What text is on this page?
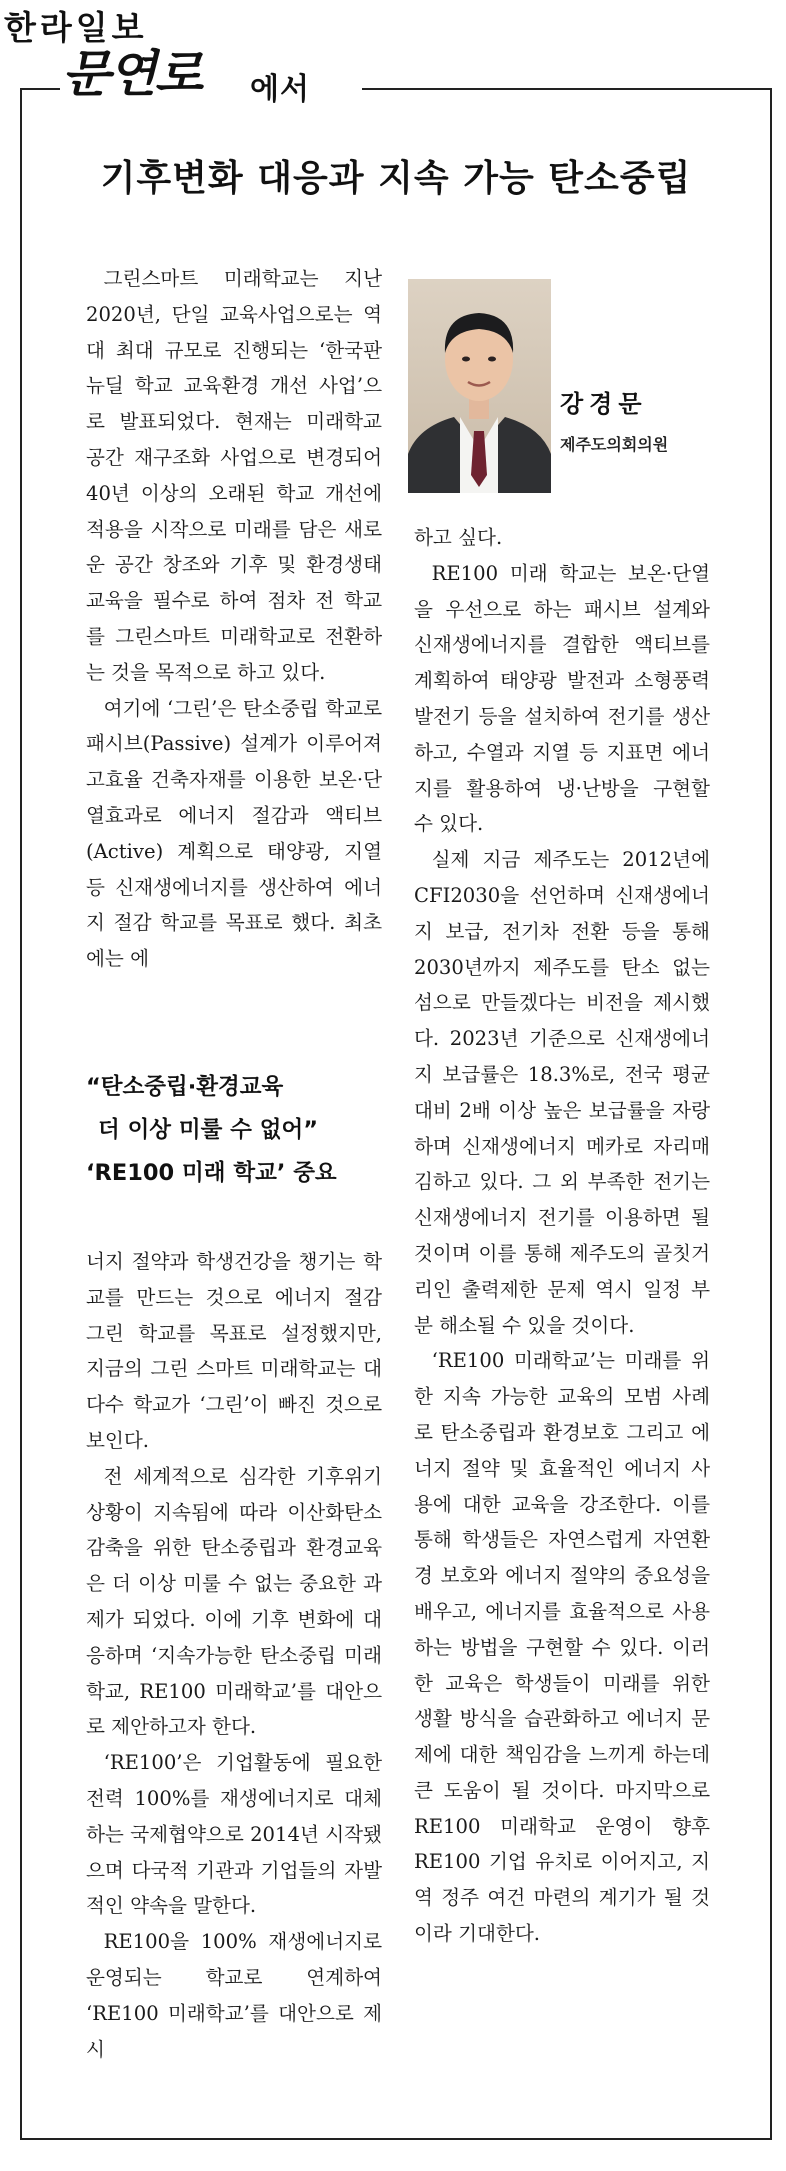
한라일보
문연로 에서
기후변화 대응과 지속 가능 탄소중립

그린스마트 미래학교는 지난 2020년, 단일 교육사업으로는 역대 최대 규모로 진행되는 ‘한국판 뉴딜 학교 교육환경 개선 사업’으로 발표되었다. 현재는 미래학교 공간 재구조화 사업으로 변경되어 40년 이상의 오래된 학교 개선에 적용을 시작으로 미래를 담은 새로운 공간 창조와 기후 및 환경생태 교육을 필수로 하여 점차 전 학교를 그린스마트 미래학교로 전환하는 것을 목적으로 하고 있다.

여기에 ‘그린’은 탄소중립 학교로 패시브(Passive) 설계가 이루어져 고효율 건축자재를 이용한 보온·단열효과로 에너지 절감과 액티브(Active) 계획으로 태양광, 지열 등 신재생에너지를 생산하여 에너지 절감 학교를 목표로 했다. 최초에는 에

“탄소중립·환경교육
더 이상 미룰 수 없어”
‘RE100 미래 학교’ 중요

너지 절약과 학생건강을 챙기는 학교를 만드는 것으로 에너지 절감 그린 학교를 목표로 설정했지만, 지금의 그린 스마트 미래학교는 대다수 학교가 ‘그린’이 빠진 것으로 보인다.

전 세계적으로 심각한 기후위기 상황이 지속됨에 따라 이산화탄소 감축을 위한 탄소중립과 환경교육은 더 이상 미룰 수 없는 중요한 과제가 되었다. 이에 기후 변화에 대응하며 ‘지속가능한 탄소중립 미래학교, RE100 미래학교’를 대안으로 제안하고자 한다.

‘RE100’은 기업활동에 필요한 전력 100%를 재생에너지로 대체하는 국제협약으로 2014년 시작됐으며 다국적 기관과 기업들의 자발적인 약속을 말한다.

RE100을 100% 재생에너지로 운영되는 학교로 연계하여 ‘RE100 미래학교’를 대안으로 제시

강경문
제주도의회의원

하고 싶다.

RE100 미래 학교는 보온·단열을 우선으로 하는 패시브 설계와 신재생에너지를 결합한 액티브를 계획하여 태양광 발전과 소형풍력 발전기 등을 설치하여 전기를 생산하고, 수열과 지열 등 지표면 에너지를 활용하여 냉·난방을 구현할 수 있다.

실제 지금 제주도는 2012년에 CFI2030을 선언하며 신재생에너지 보급, 전기차 전환 등을 통해 2030년까지 제주도를 탄소 없는 섬으로 만들겠다는 비전을 제시했다. 2023년 기준으로 신재생에너지 보급률은 18.3%로, 전국 평균 대비 2배 이상 높은 보급률을 자랑하며 신재생에너지 메카로 자리매김하고 있다. 그 외 부족한 전기는 신재생에너지 전기를 이용하면 될 것이며 이를 통해 제주도의 골칫거리인 출력제한 문제 역시 일정 부분 해소될 수 있을 것이다.

‘RE100 미래학교’는 미래를 위한 지속 가능한 교육의 모범 사례로 탄소중립과 환경보호 그리고 에너지 절약 및 효율적인 에너지 사용에 대한 교육을 강조한다. 이를 통해 학생들은 자연스럽게 자연환경 보호와 에너지 절약의 중요성을 배우고, 에너지를 효율적으로 사용하는 방법을 구현할 수 있다. 이러한 교육은 학생들이 미래를 위한 생활 방식을 습관화하고 에너지 문제에 대한 책임감을 느끼게 하는데 큰 도움이 될 것이다. 마지막으로 RE100 미래학교 운영이 향후 RE100 기업 유치로 이어지고, 지역 정주 여건 마련의 계기가 될 것이라 기대한다.
